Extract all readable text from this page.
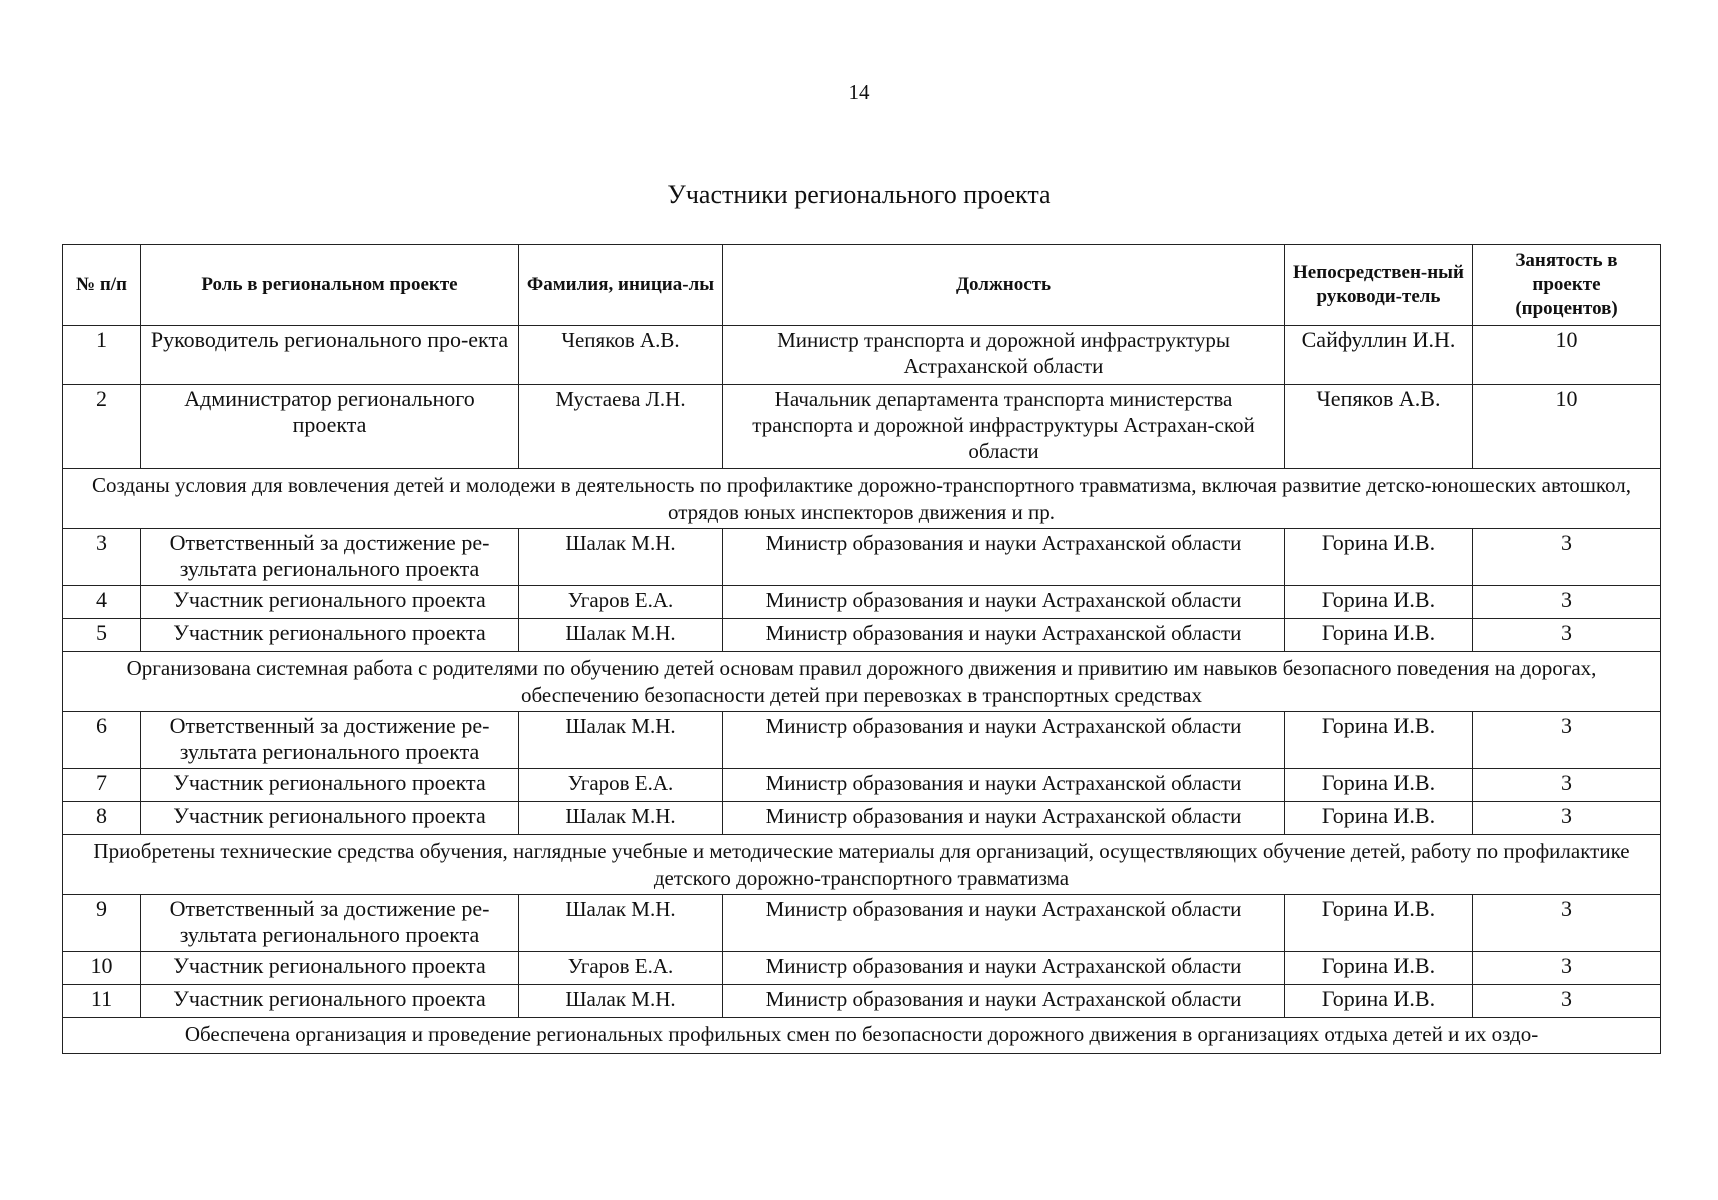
14
Участники регионального проекта
№ п/п	Роль в региональном проекте	Фамилия, инициа-лы	Должность	Непосредствен-ный руководи-тель	Занятость в проекте (процентов)
1	Руководитель регионального про-екта	Чепяков А.В.	Министр транспорта и дорожной инфраструктуры Астраханской области	Сайфуллин И.Н.	10
2	Администратор регионального проекта	Мустаева Л.Н.	Начальник департамента транспорта министерства транспорта и дорожной инфраструктуры Астрахан-ской области	Чепяков А.В.	10
Созданы условия для вовлечения детей и молодежи в деятельность по профилактике дорожно-транспортного травматизма, включая развитие детско-юношеских автошкол, отрядов юных инспекторов движения и пр.					
3	Ответственный за достижение ре-зультата регионального проекта	Шалак М.Н.	Министр образования и науки Астраханской области	Горина И.В.	3
4	Участник регионального проекта	Угаров Е.А.	Министр образования и науки Астраханской области	Горина И.В.	3
5	Участник регионального проекта	Шалак М.Н.	Министр образования и науки Астраханской области	Горина И.В.	3
Организована системная работа с родителями по обучению детей основам правил дорожного движения и привитию им навыков безопасного поведения на дорогах, обеспечению безопасности детей при перевозках в транспортных средствах					
6	Ответственный за достижение ре-зультата регионального проекта	Шалак М.Н.	Министр образования и науки Астраханской области	Горина И.В.	3
7	Участник регионального проекта	Угаров Е.А.	Министр образования и науки Астраханской области	Горина И.В.	3
8	Участник регионального проекта	Шалак М.Н.	Министр образования и науки Астраханской области	Горина И.В.	3
Приобретены технические средства обучения, наглядные учебные и методические материалы для организаций, осуществляющих обучение детей, работу по профилактике детского дорожно-транспортного травматизма					
9	Ответственный за достижение ре-зультата регионального проекта	Шалак М.Н.	Министр образования и науки Астраханской области	Горина И.В.	3
10	Участник регионального проекта	Угаров Е.А.	Министр образования и науки Астраханской области	Горина И.В.	3
11	Участник регионального проекта	Шалак М.Н.	Министр образования и науки Астраханской области	Горина И.В.	3
Обеспечена организация и проведение региональных профильных смен по безопасности дорожного движения в организациях отдыха детей и их оздо-					
